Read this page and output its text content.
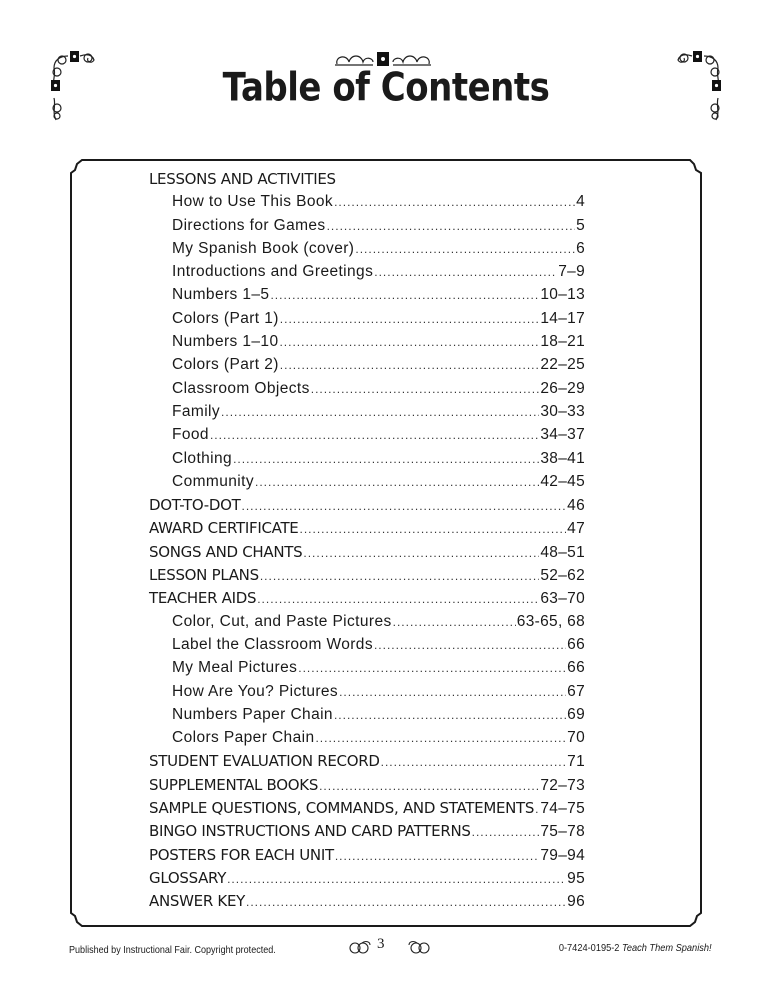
Table of Contents
LESSONS AND ACTIVITIES
How to Use This Book .....	4
Directions for Games .....	5
My Spanish Book (cover) .....	6
Introductions and Greetings .....	7–9
Numbers 1–5 .....	10–13
Colors (Part 1) .....	14–17
Numbers 1–10 .....	18–21
Colors (Part 2) .....	22–25
Classroom Objects .....	26–29
Family .....	30–33
Food .....	34–37
Clothing .....	38–41
Community .....	42–45
DOT-TO-DOT .....	46
AWARD CERTIFICATE .....	47
SONGS AND CHANTS .....	48–51
LESSON PLANS .....	52–62
TEACHER AIDS .....	63–70
Color, Cut, and Paste Pictures .....	63-65, 68
Label the Classroom Words .....	66
My Meal Pictures .....	66
How Are You? Pictures .....	67
Numbers Paper Chain .....	69
Colors Paper Chain .....	70
STUDENT EVALUATION RECORD .....	71
SUPPLEMENTAL BOOKS .....	72–73
SAMPLE QUESTIONS, COMMANDS, AND STATEMENTS ..... 74–75
BINGO INSTRUCTIONS AND CARD PATTERNS .....	75–78
POSTERS FOR EACH UNIT .....	79–94
GLOSSARY .....	95
ANSWER KEY .....	96
Published by Instructional Fair. Copyright protected.	3	0-7424-0195-2 Teach Them Spanish!
